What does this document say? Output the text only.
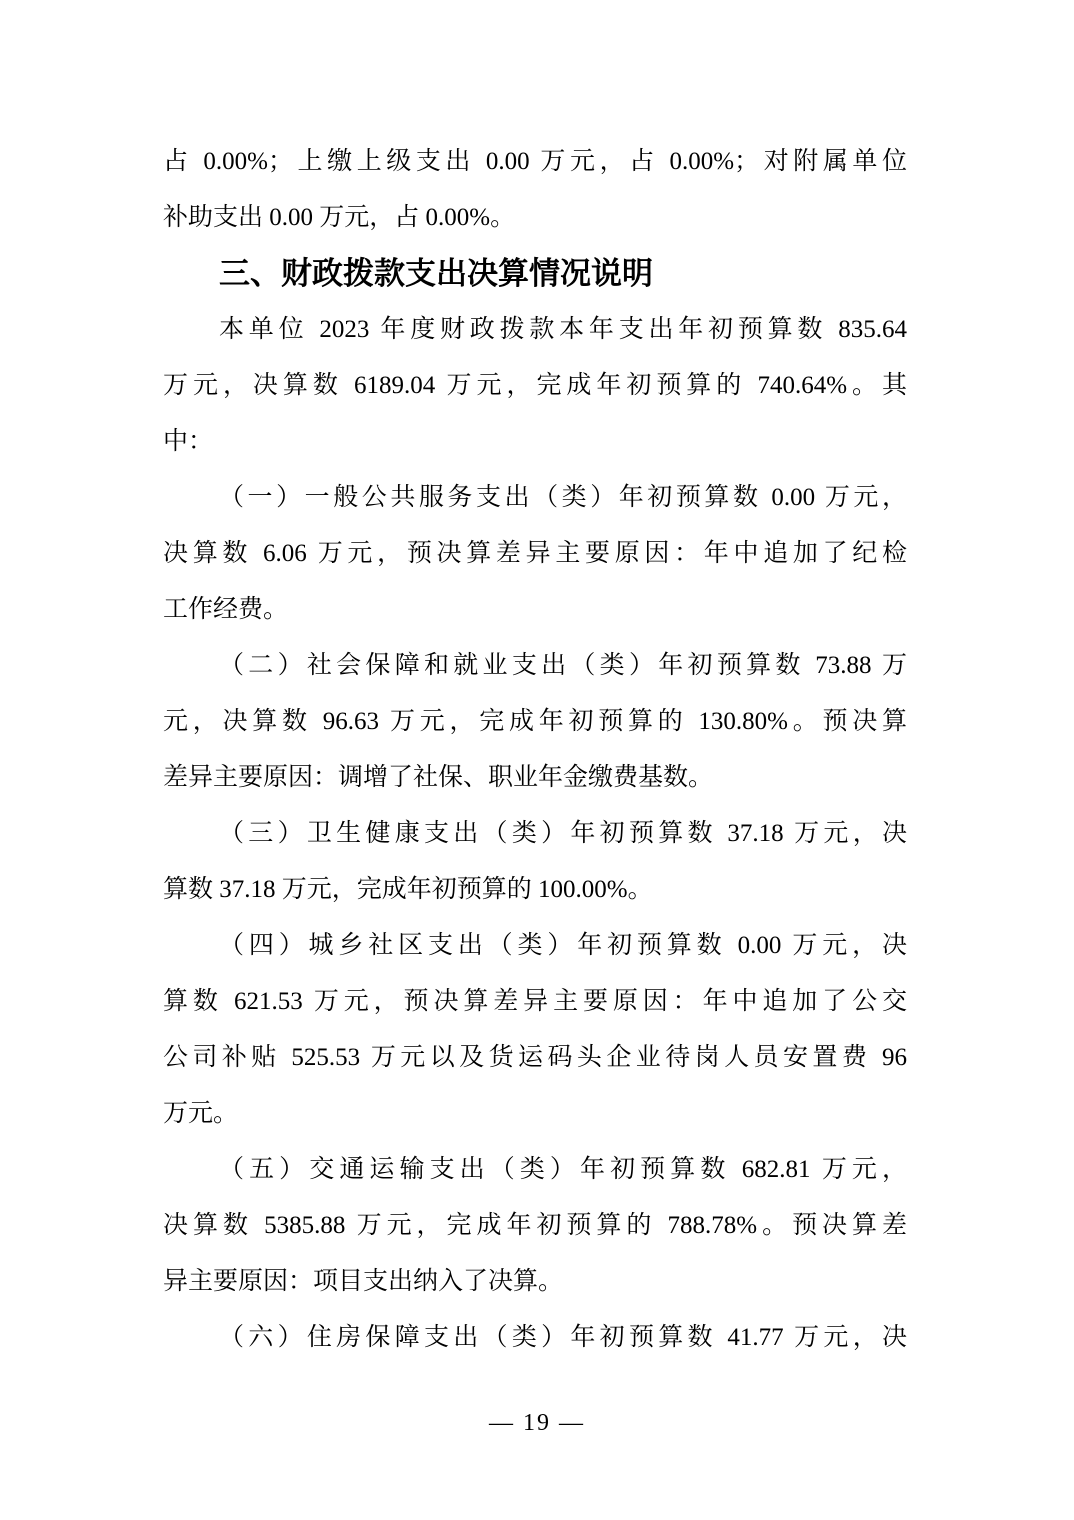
占 0.00%；上缴上级支出 0.00 万元，占 0.00%；对附属单位
补助支出 0.00 万元，占 0.00%。
三、财政拨款支出决算情况说明
本单位 2023 年度财政拨款本年支出年初预算数 835.64
万元，决算数 6189.04 万元，完成年初预算的 740.64%。其
中：
（一）一般公共服务支出（类）年初预算数 0.00 万元，
决算数 6.06 万元，预决算差异主要原因：年中追加了纪检
工作经费。
（二）社会保障和就业支出（类）年初预算数 73.88 万
元，决算数 96.63 万元，完成年初预算的 130.80%。预决算
差异主要原因：调增了社保、职业年金缴费基数。
（三）卫生健康支出（类）年初预算数 37.18 万元，决
算数 37.18 万元，完成年初预算的 100.00%。
（四）城乡社区支出（类）年初预算数 0.00 万元，决
算数 621.53 万元，预决算差异主要原因：年中追加了公交
公司补贴 525.53 万元以及货运码头企业待岗人员安置费 96
万元。
（五）交通运输支出（类）年初预算数 682.81 万元，
决算数 5385.88 万元，完成年初预算的 788.78%。预决算差
异主要原因：项目支出纳入了决算。
（六）住房保障支出（类）年初预算数 41.77 万元，决
— 19 —
